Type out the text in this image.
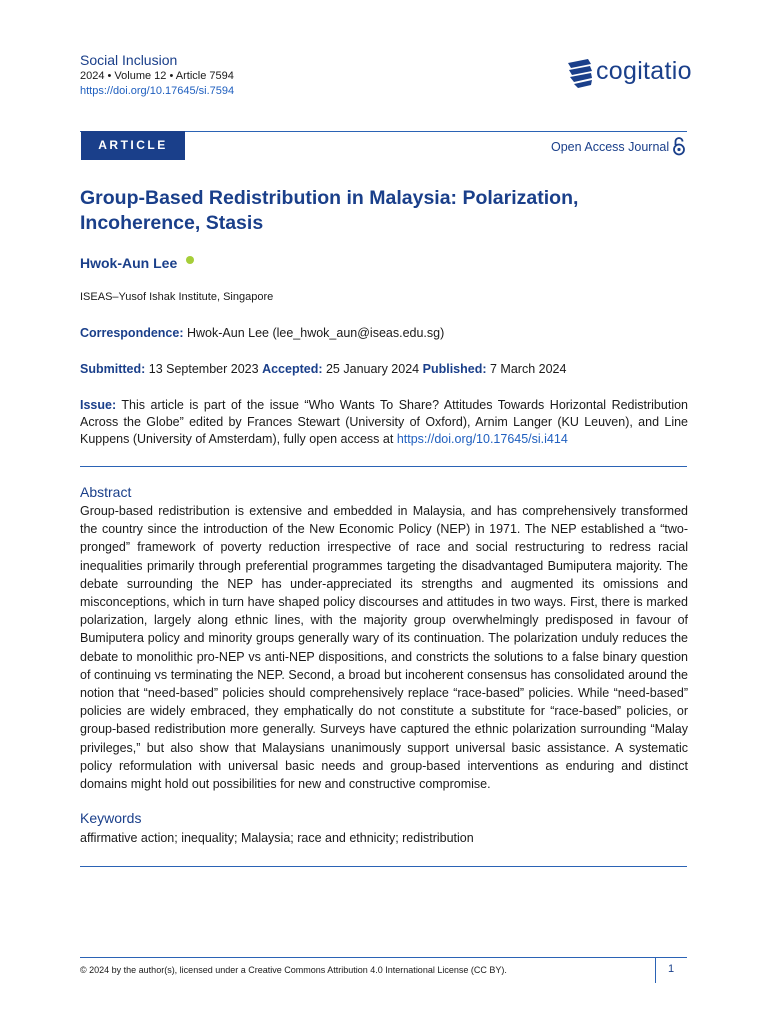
Social Inclusion
2024 • Volume 12 • Article 7594
https://doi.org/10.17645/si.7594
cogitatio
ARTICLE	Open Access Journal
Group-Based Redistribution in Malaysia: Polarization, Incoherence, Stasis
Hwok-Aun Lee
ISEAS–Yusof Ishak Institute, Singapore
Correspondence: Hwok-Aun Lee (lee_hwok_aun@iseas.edu.sg)
Submitted: 13 September 2023 Accepted: 25 January 2024 Published: 7 March 2024
Issue: This article is part of the issue “Who Wants To Share? Attitudes Towards Horizontal Redistribution Across the Globe” edited by Frances Stewart (University of Oxford), Arnim Langer (KU Leuven), and Line Kuppens (University of Amsterdam), fully open access at https://doi.org/10.17645/si.i414
Abstract
Group-based redistribution is extensive and embedded in Malaysia, and has comprehensively transformed the country since the introduction of the New Economic Policy (NEP) in 1971. The NEP established a “two-pronged” framework of poverty reduction irrespective of race and social restructuring to redress racial inequalities primarily through preferential programmes targeting the disadvantaged Bumiputera majority. The debate surrounding the NEP has under-appreciated its strengths and augmented its omissions and misconceptions, which in turn have shaped policy discourses and attitudes in two ways. First, there is marked polarization, largely along ethnic lines, with the majority group overwhelmingly predisposed in favour of Bumiputera policy and minority groups generally wary of its continuation. The polarization unduly reduces the debate to monolithic pro-NEP vs anti-NEP dispositions, and constricts the solutions to a false binary question of continuing vs terminating the NEP. Second, a broad but incoherent consensus has consolidated around the notion that “need-based” policies should comprehensively replace “race-based” policies. While “need-based” policies are widely embraced, they emphatically do not constitute a substitute for “race-based” policies, or group-based redistribution more generally. Surveys have captured the ethnic polarization surrounding “Malay privileges,” but also show that Malaysians unanimously support universal basic assistance. A systematic policy reformulation with universal basic needs and group-based interventions as enduring and distinct domains might hold out possibilities for new and constructive compromise.
Keywords
affirmative action; inequality; Malaysia; race and ethnicity; redistribution
© 2024 by the author(s), licensed under a Creative Commons Attribution 4.0 International License (CC BY).	1
